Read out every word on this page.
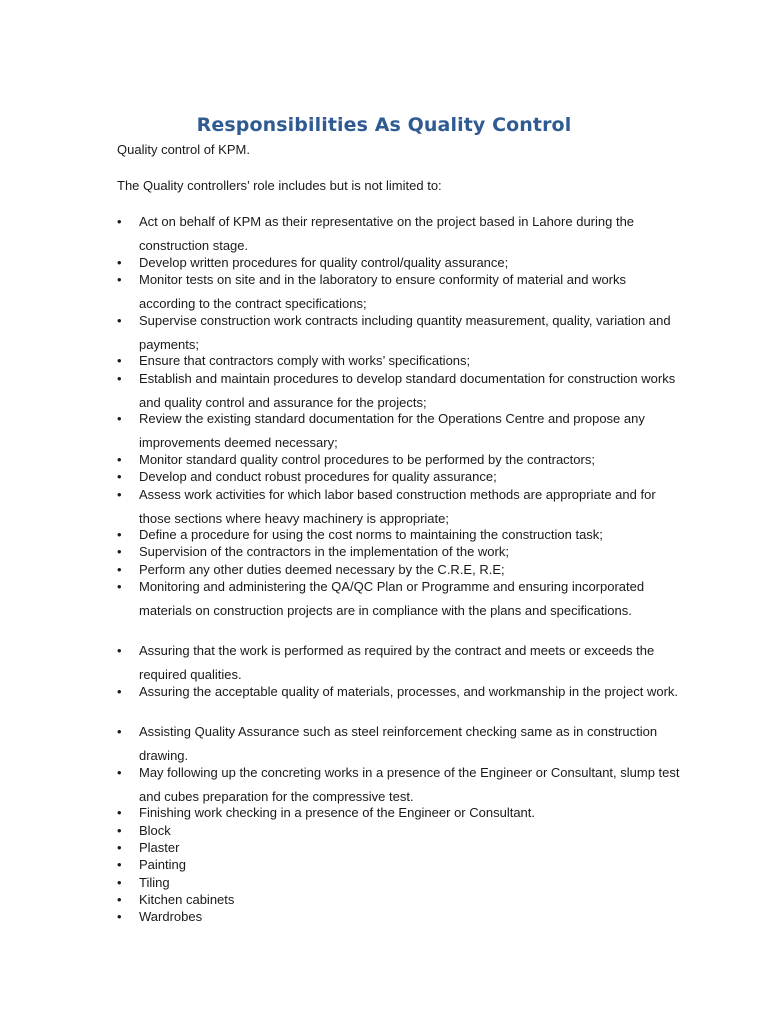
Responsibilities As Quality Control
Quality control of KPM.
The Quality controllers’ role includes but is not limited to:
•	Act on behalf of KPM as their representative on the project based in Lahore during the construction stage.
•	Develop written procedures for quality control/quality assurance;
•	Monitor tests on site and in the laboratory to ensure conformity of material and works according to the contract specifications;
•	Supervise construction work contracts including quantity measurement, quality, variation and payments;
•	Ensure that contractors comply with works’ specifications;
•	Establish and maintain procedures to develop standard documentation for construction works and quality control and assurance for the projects;
•	Review the existing standard documentation for the Operations Centre and propose any improvements deemed necessary;
•	Monitor standard quality control procedures to be performed by the contractors;
•	Develop and conduct robust procedures for quality assurance;
•	Assess work activities for which labor based construction methods are appropriate and for those sections where heavy machinery is appropriate;
•	Define a procedure for using the cost norms to maintaining the construction task;
•	Supervision of the contractors in the implementation of the work;
•	Perform any other duties deemed necessary by the C.R.E, R.E;
•	Monitoring and administering the QA/QC Plan or Programme and ensuring incorporated materials on construction projects are in compliance with the plans and specifications.
•	Assuring that the work is performed as required by the contract and meets or exceeds the required qualities.
•	Assuring the acceptable quality of materials, processes, and workmanship in the project work.
•	Assisting Quality Assurance such as steel reinforcement checking same as in construction drawing.
•	May following up the concreting works in a presence of the Engineer or Consultant, slump test and cubes preparation for the compressive test.
•	Finishing work checking in a presence of the Engineer or Consultant.
•	Block
•	Plaster
•	Painting
•	Tiling
•	Kitchen cabinets
•	Wardrobes
